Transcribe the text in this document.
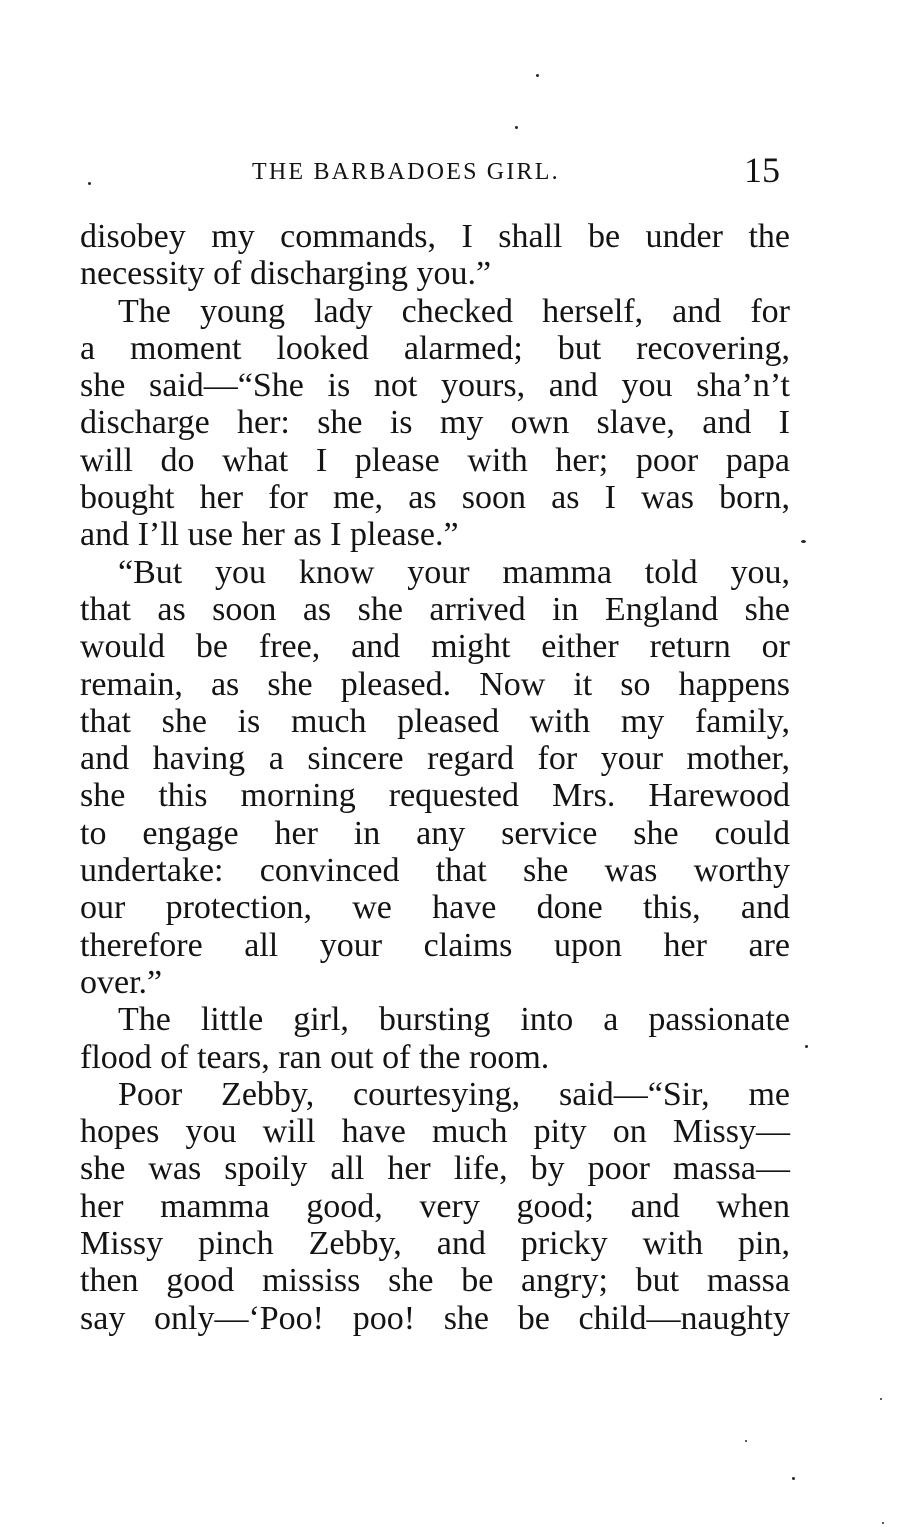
THE BARBADOES GIRL.	15
disobey my commands, I shall be under the
necessity of discharging you.”
The young lady checked herself, and for
a moment looked alarmed; but recovering,
she said—“She is not yours, and you sha’n’t
discharge her: she is my own slave, and I
will do what I please with her; poor papa
bought her for me, as soon as I was born,
and I’ll use her as I please.”
“But you know your mamma told you,
that as soon as she arrived in England she
would be free, and might either return or
remain, as she pleased. Now it so happens
that she is much pleased with my family,
and having a sincere regard for your mother,
she this morning requested Mrs. Harewood
to engage her in any service she could
undertake: convinced that she was worthy
our protection, we have done this, and
therefore all your claims upon her are
over.”
The little girl, bursting into a passionate
flood of tears, ran out of the room.
Poor Zebby, courtesying, said—“Sir, me
hopes you will have much pity on Missy—
she was spoily all her life, by poor massa—
her mamma good, very good; and when
Missy pinch Zebby, and pricky with pin,
then good mississ she be angry; but massa
say only—‘Poo! poo! she be child—naughty
